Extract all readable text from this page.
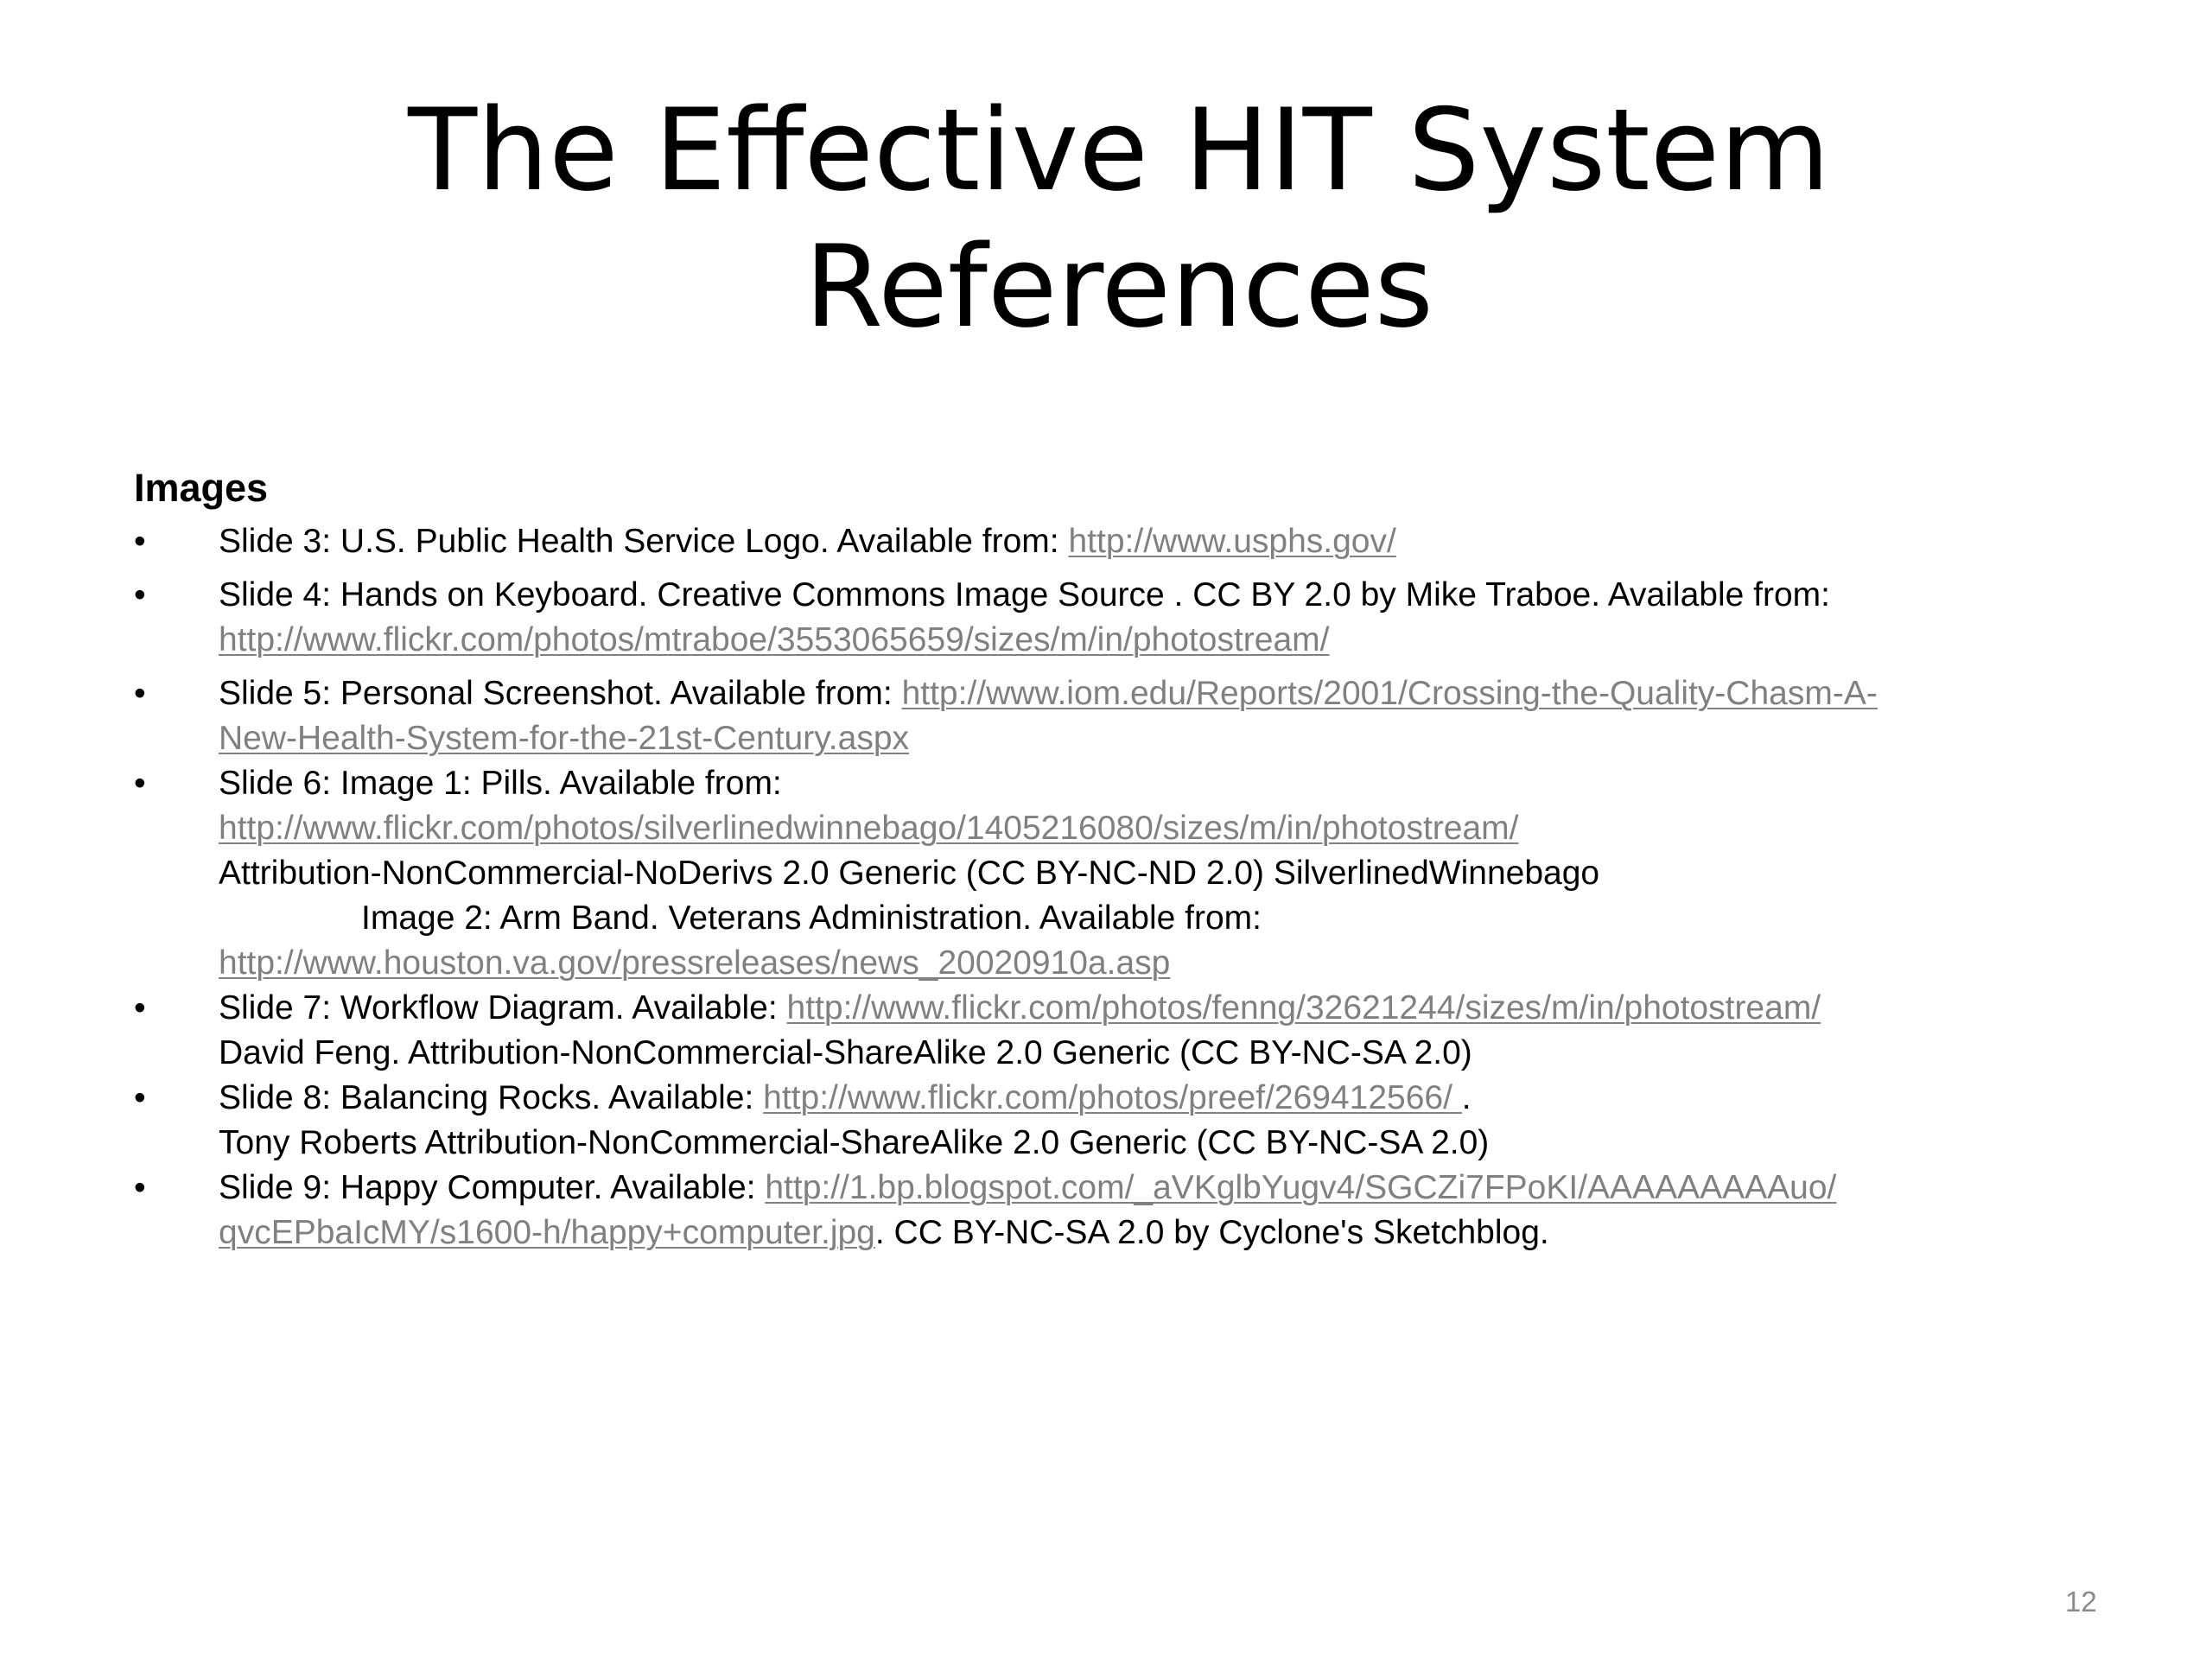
The Effective HIT System
References
Images
• Slide 3: U.S. Public Health Service Logo. Available from: http://www.usphs.gov/
• Slide 4: Hands on Keyboard. Creative Commons Image Source . CC BY 2.0 by Mike Traboe. Available from:
http://www.flickr.com/photos/mtraboe/3553065659/sizes/m/in/photostream/
• Slide 5: Personal Screenshot. Available from: http://www.iom.edu/Reports/2001/Crossing-the-Quality-Chasm-A-
New-Health-System-for-the-21st-Century.aspx
• Slide 6: Image 1: Pills. Available from:
http://www.flickr.com/photos/silverlinedwinnebago/1405216080/sizes/m/in/photostream/
Attribution-NonCommercial-NoDerivs 2.0 Generic (CC BY-NC-ND 2.0) SilverlinedWinnebago
Image 2: Arm Band. Veterans Administration. Available from:
http://www.houston.va.gov/pressreleases/news_20020910a.asp
• Slide 7: Workflow Diagram. Available: http://www.flickr.com/photos/fenng/32621244/sizes/m/in/photostream/
David Feng. Attribution-NonCommercial-ShareAlike 2.0 Generic (CC BY-NC-SA 2.0)
• Slide 8: Balancing Rocks. Available: http://www.flickr.com/photos/preef/269412566/ .
Tony Roberts Attribution-NonCommercial-ShareAlike 2.0 Generic (CC BY-NC-SA 2.0)
• Slide 9: Happy Computer. Available: http://1.bp.blogspot.com/_aVKglbYugv4/SGCZi7FPoKI/AAAAAAAAAuo/
qvcEPbaIcMY/s1600-h/happy+computer.jpg. CC BY-NC-SA 2.0 by Cyclone's Sketchblog.
12
